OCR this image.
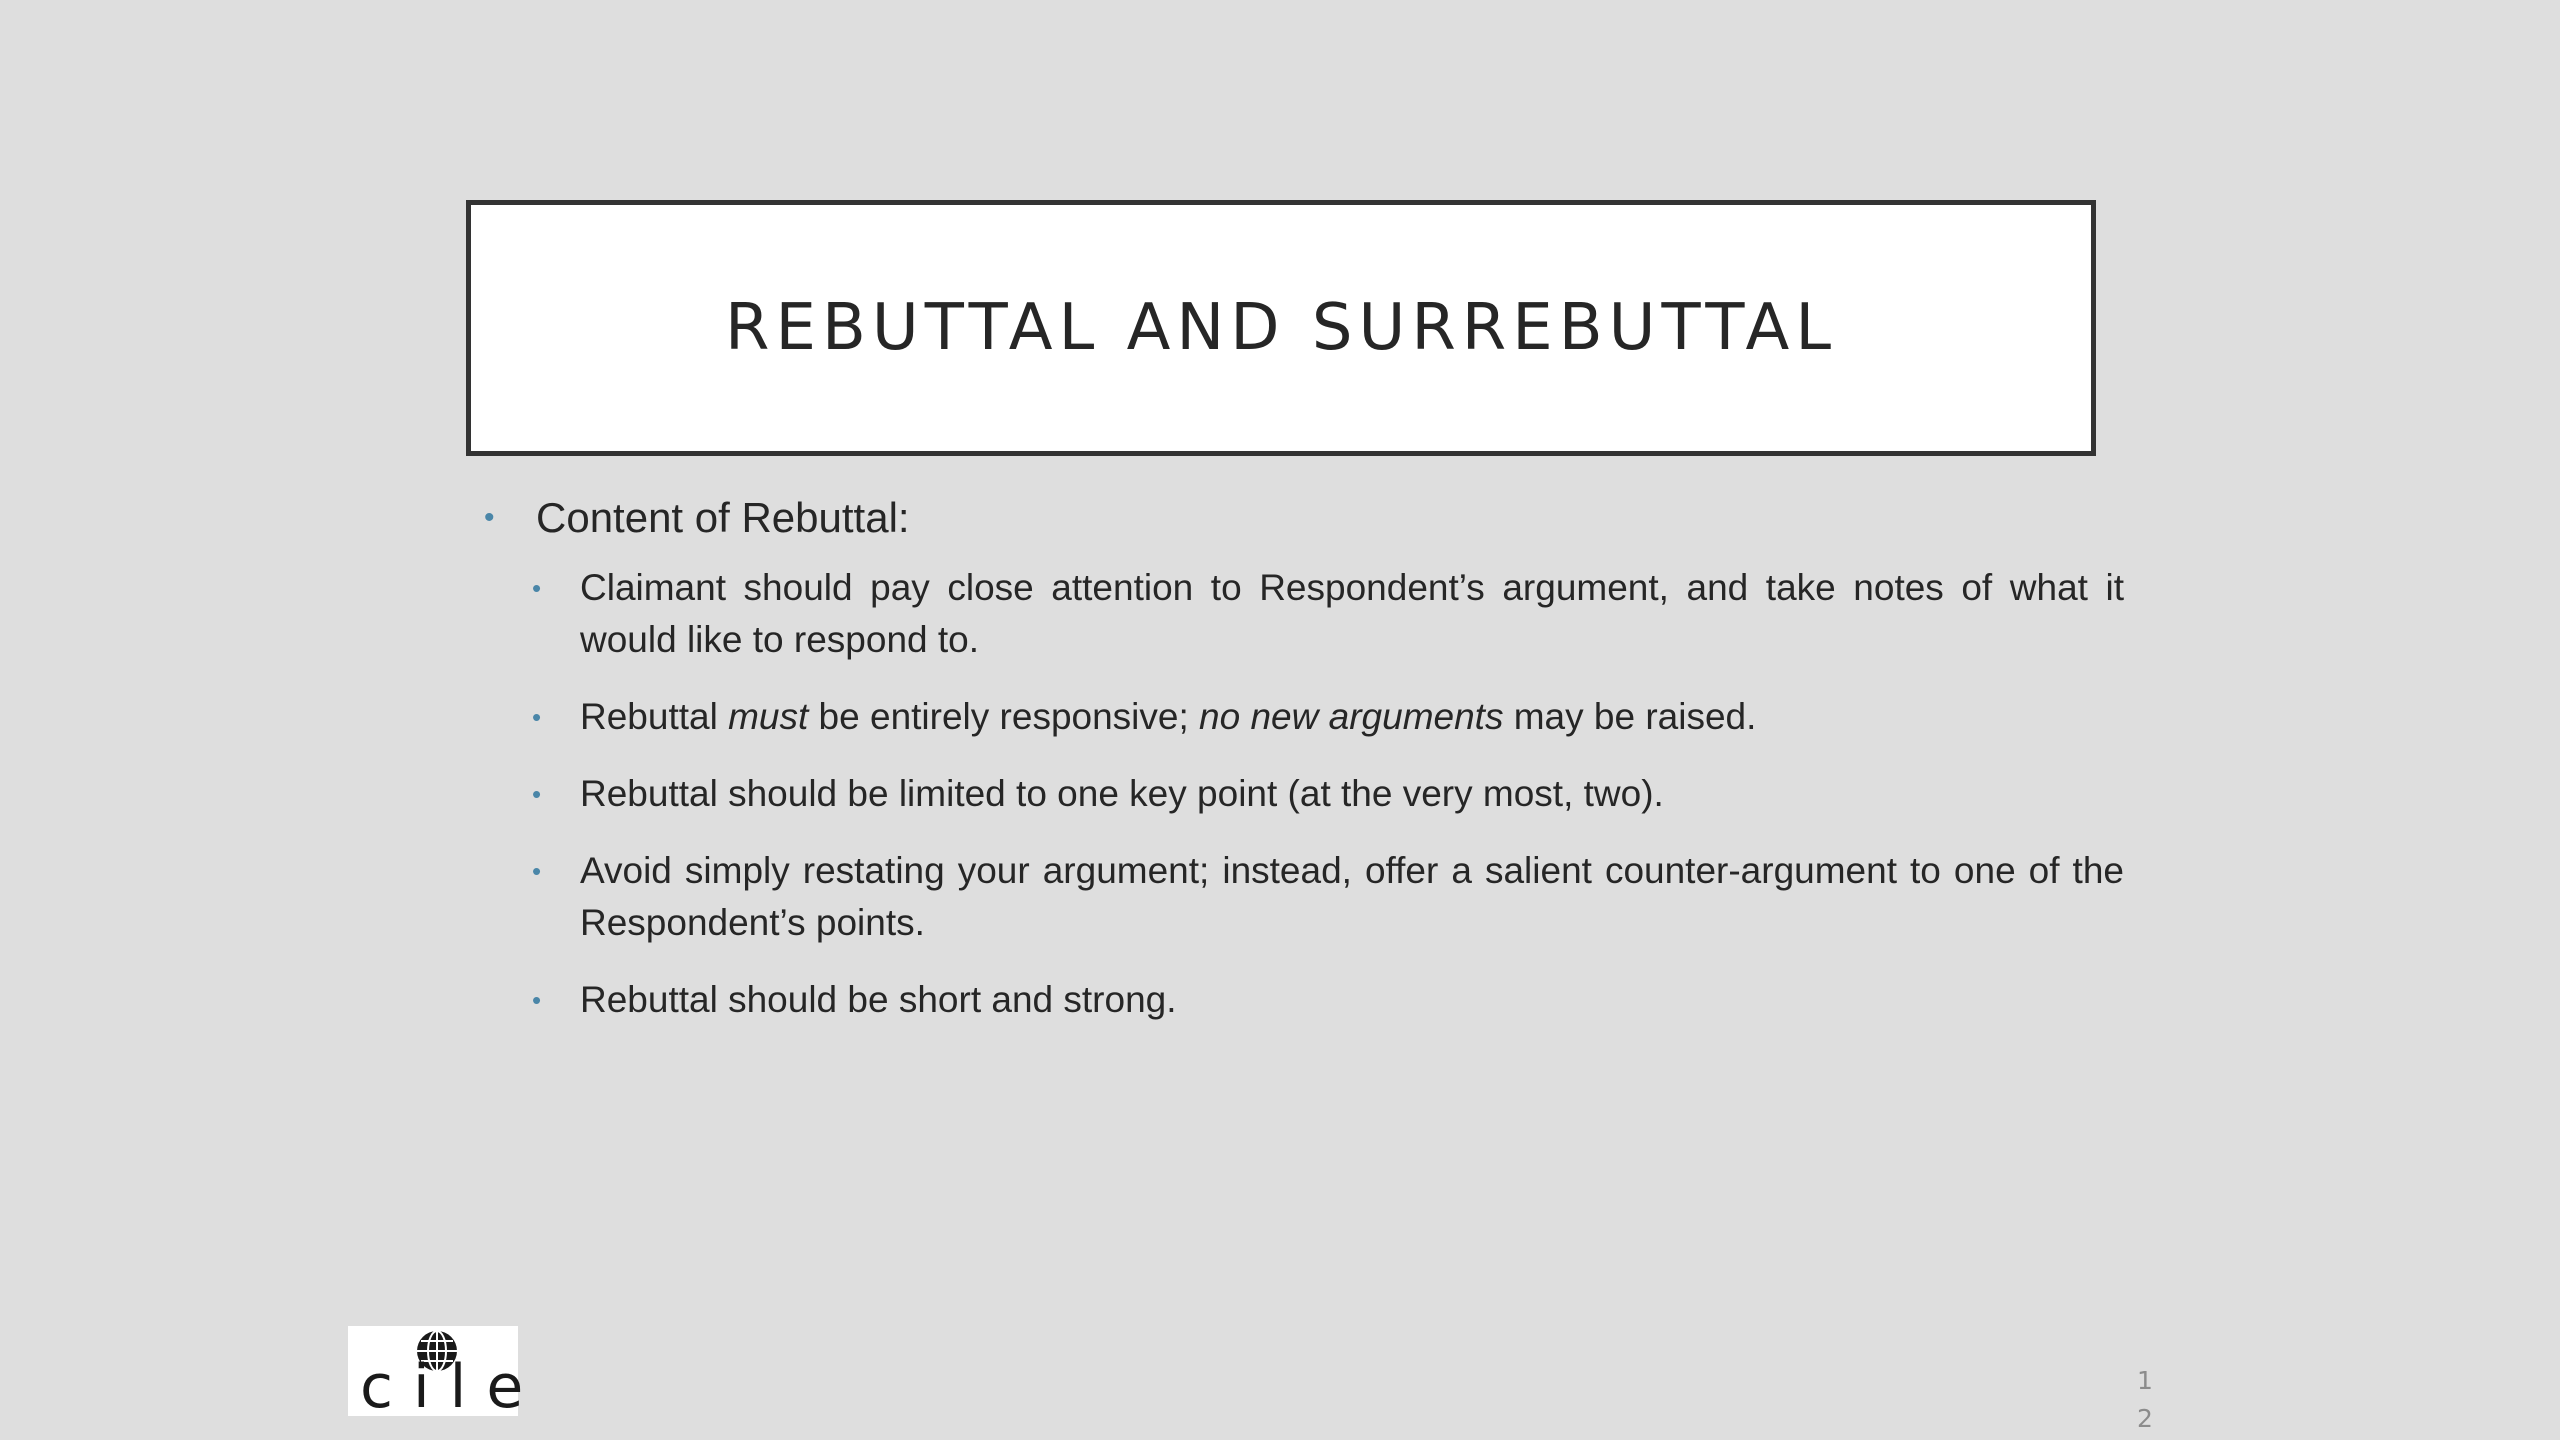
REBUTTAL AND SURREBUTTAL
• Content of Rebuttal:
•	Claimant should pay close attention to Respondent’s argument, and take notes of what it would like to respond to.
•	Rebuttal must be entirely responsive; no new arguments may be raised.
•	Rebuttal should be limited to one key point (at the very most, two).
•	Avoid simply restating your argument; instead, offer a salient counter-argument to one of the Respondent’s points.
•	Rebuttal should be short and strong.
cile	1
2
